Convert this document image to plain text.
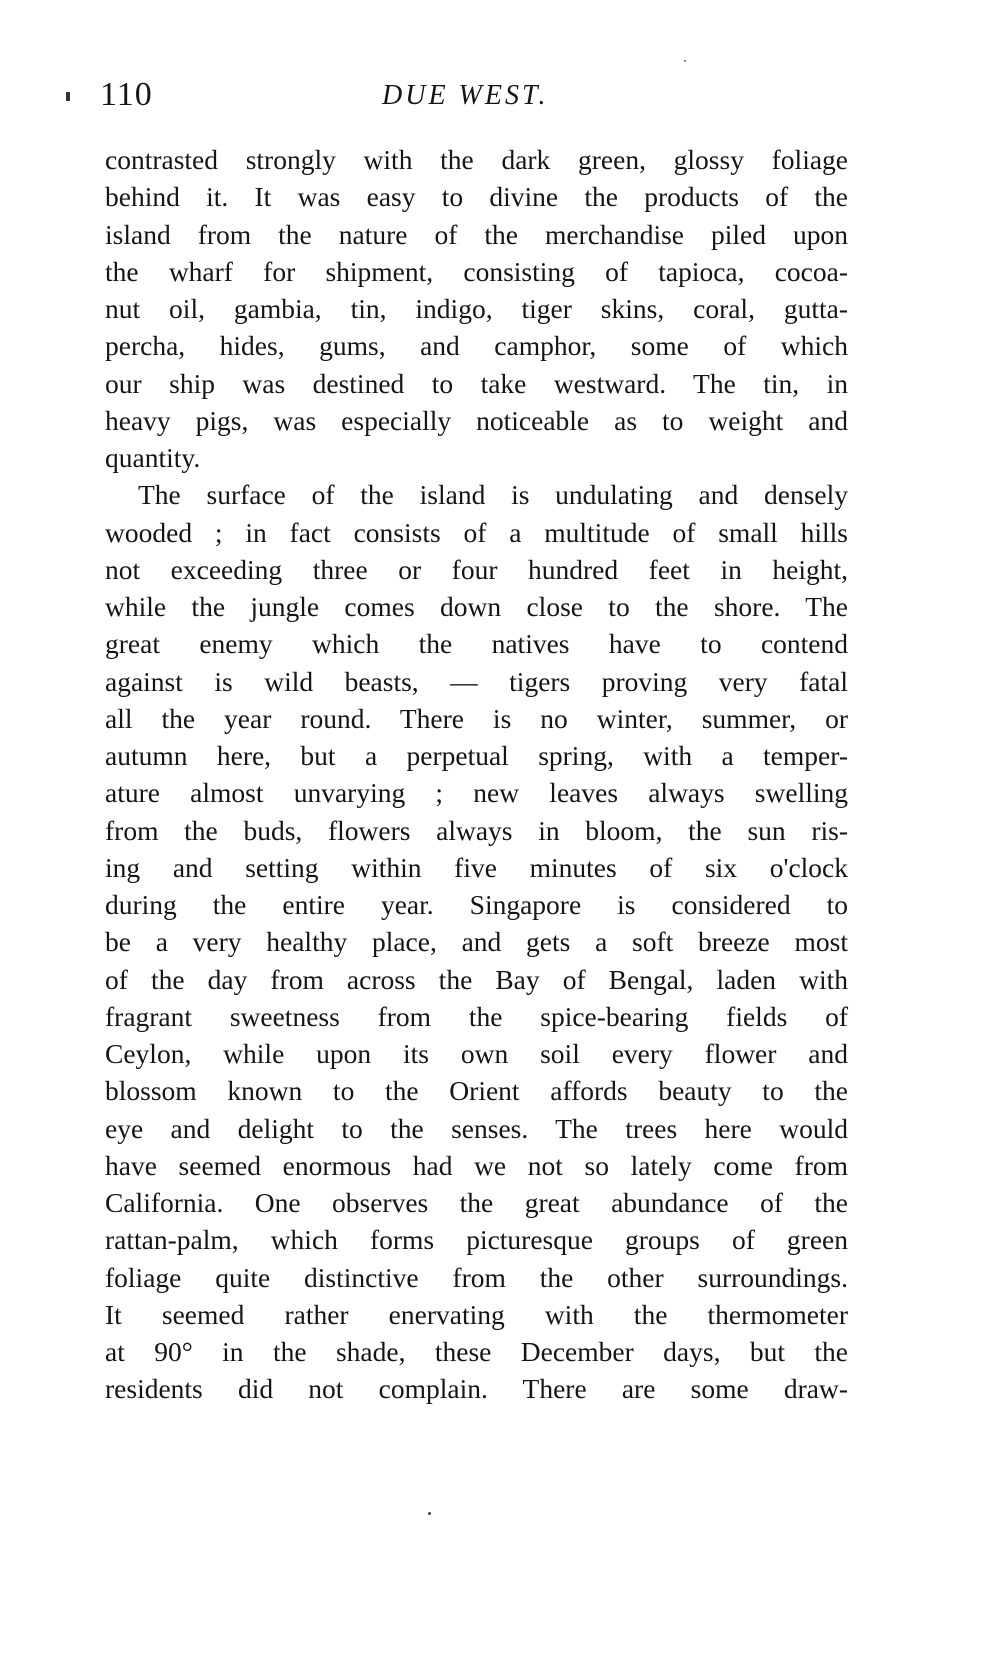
110	DUE WEST.
contrasted strongly with the dark green, glossy foliage
behind it. It was easy to divine the products of the
island from the nature of the merchandise piled upon
the wharf for shipment, consisting of tapioca, cocoa-
nut oil, gambia, tin, indigo, tiger skins, coral, gutta-
percha, hides, gums, and camphor, some of which
our ship was destined to take westward. The tin, in
heavy pigs, was especially noticeable as to weight and
quantity.
The surface of the island is undulating and densely
wooded ; in fact consists of a multitude of small hills
not exceeding three or four hundred feet in height,
while the jungle comes down close to the shore. The
great enemy which the natives have to contend
against is wild beasts, — tigers proving very fatal
all the year round. There is no winter, summer, or
autumn here, but a perpetual spring, with a temper-
ature almost unvarying ; new leaves always swelling
from the buds, flowers always in bloom, the sun ris-
ing and setting within five minutes of six o'clock
during the entire year. Singapore is considered to
be a very healthy place, and gets a soft breeze most
of the day from across the Bay of Bengal, laden with
fragrant sweetness from the spice-bearing fields of
Ceylon, while upon its own soil every flower and
blossom known to the Orient affords beauty to the
eye and delight to the senses. The trees here would
have seemed enormous had we not so lately come from
California. One observes the great abundance of the
rattan-palm, which forms picturesque groups of green
foliage quite distinctive from the other surroundings.
It seemed rather enervating with the thermometer
at 90° in the shade, these December days, but the
residents did not complain. There are some draw-
